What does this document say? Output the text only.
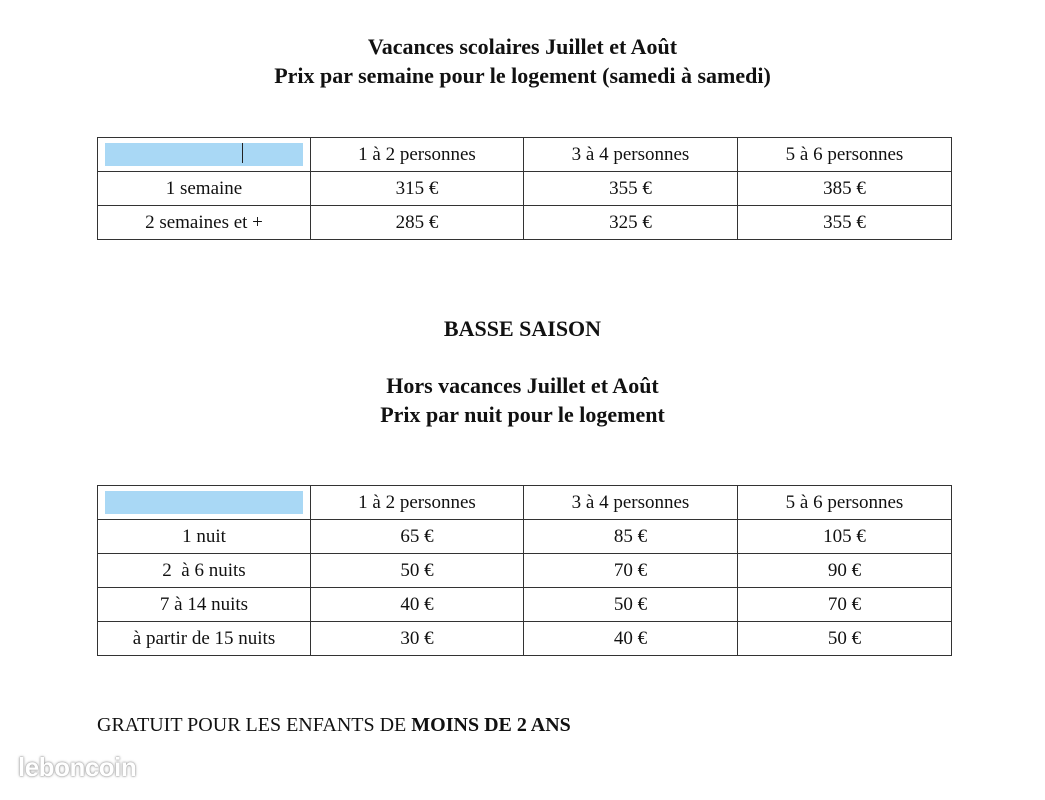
Vacances scolaires Juillet et Août
Prix par semaine pour le logement (samedi à samedi)
	1 à 2 personnes	3 à 4 personnes	5 à 6 personnes
1 semaine	315 €	355 €	385 €
2 semaines et +	285 €	325 €	355 €
BASSE SAISON
Hors vacances Juillet et Août
Prix par nuit pour le logement
	1 à 2 personnes	3 à 4 personnes	5 à 6 personnes
1 nuit	65 €	85 €	105 €
2  à 6 nuits	50 €	70 €	90 €
7 à 14 nuits	40 €	50 €	70 €
à partir de 15 nuits	30 €	40 €	50 €

GRATUIT POUR LES ENFANTS DE MOINS DE 2 ANS

leboncoin
